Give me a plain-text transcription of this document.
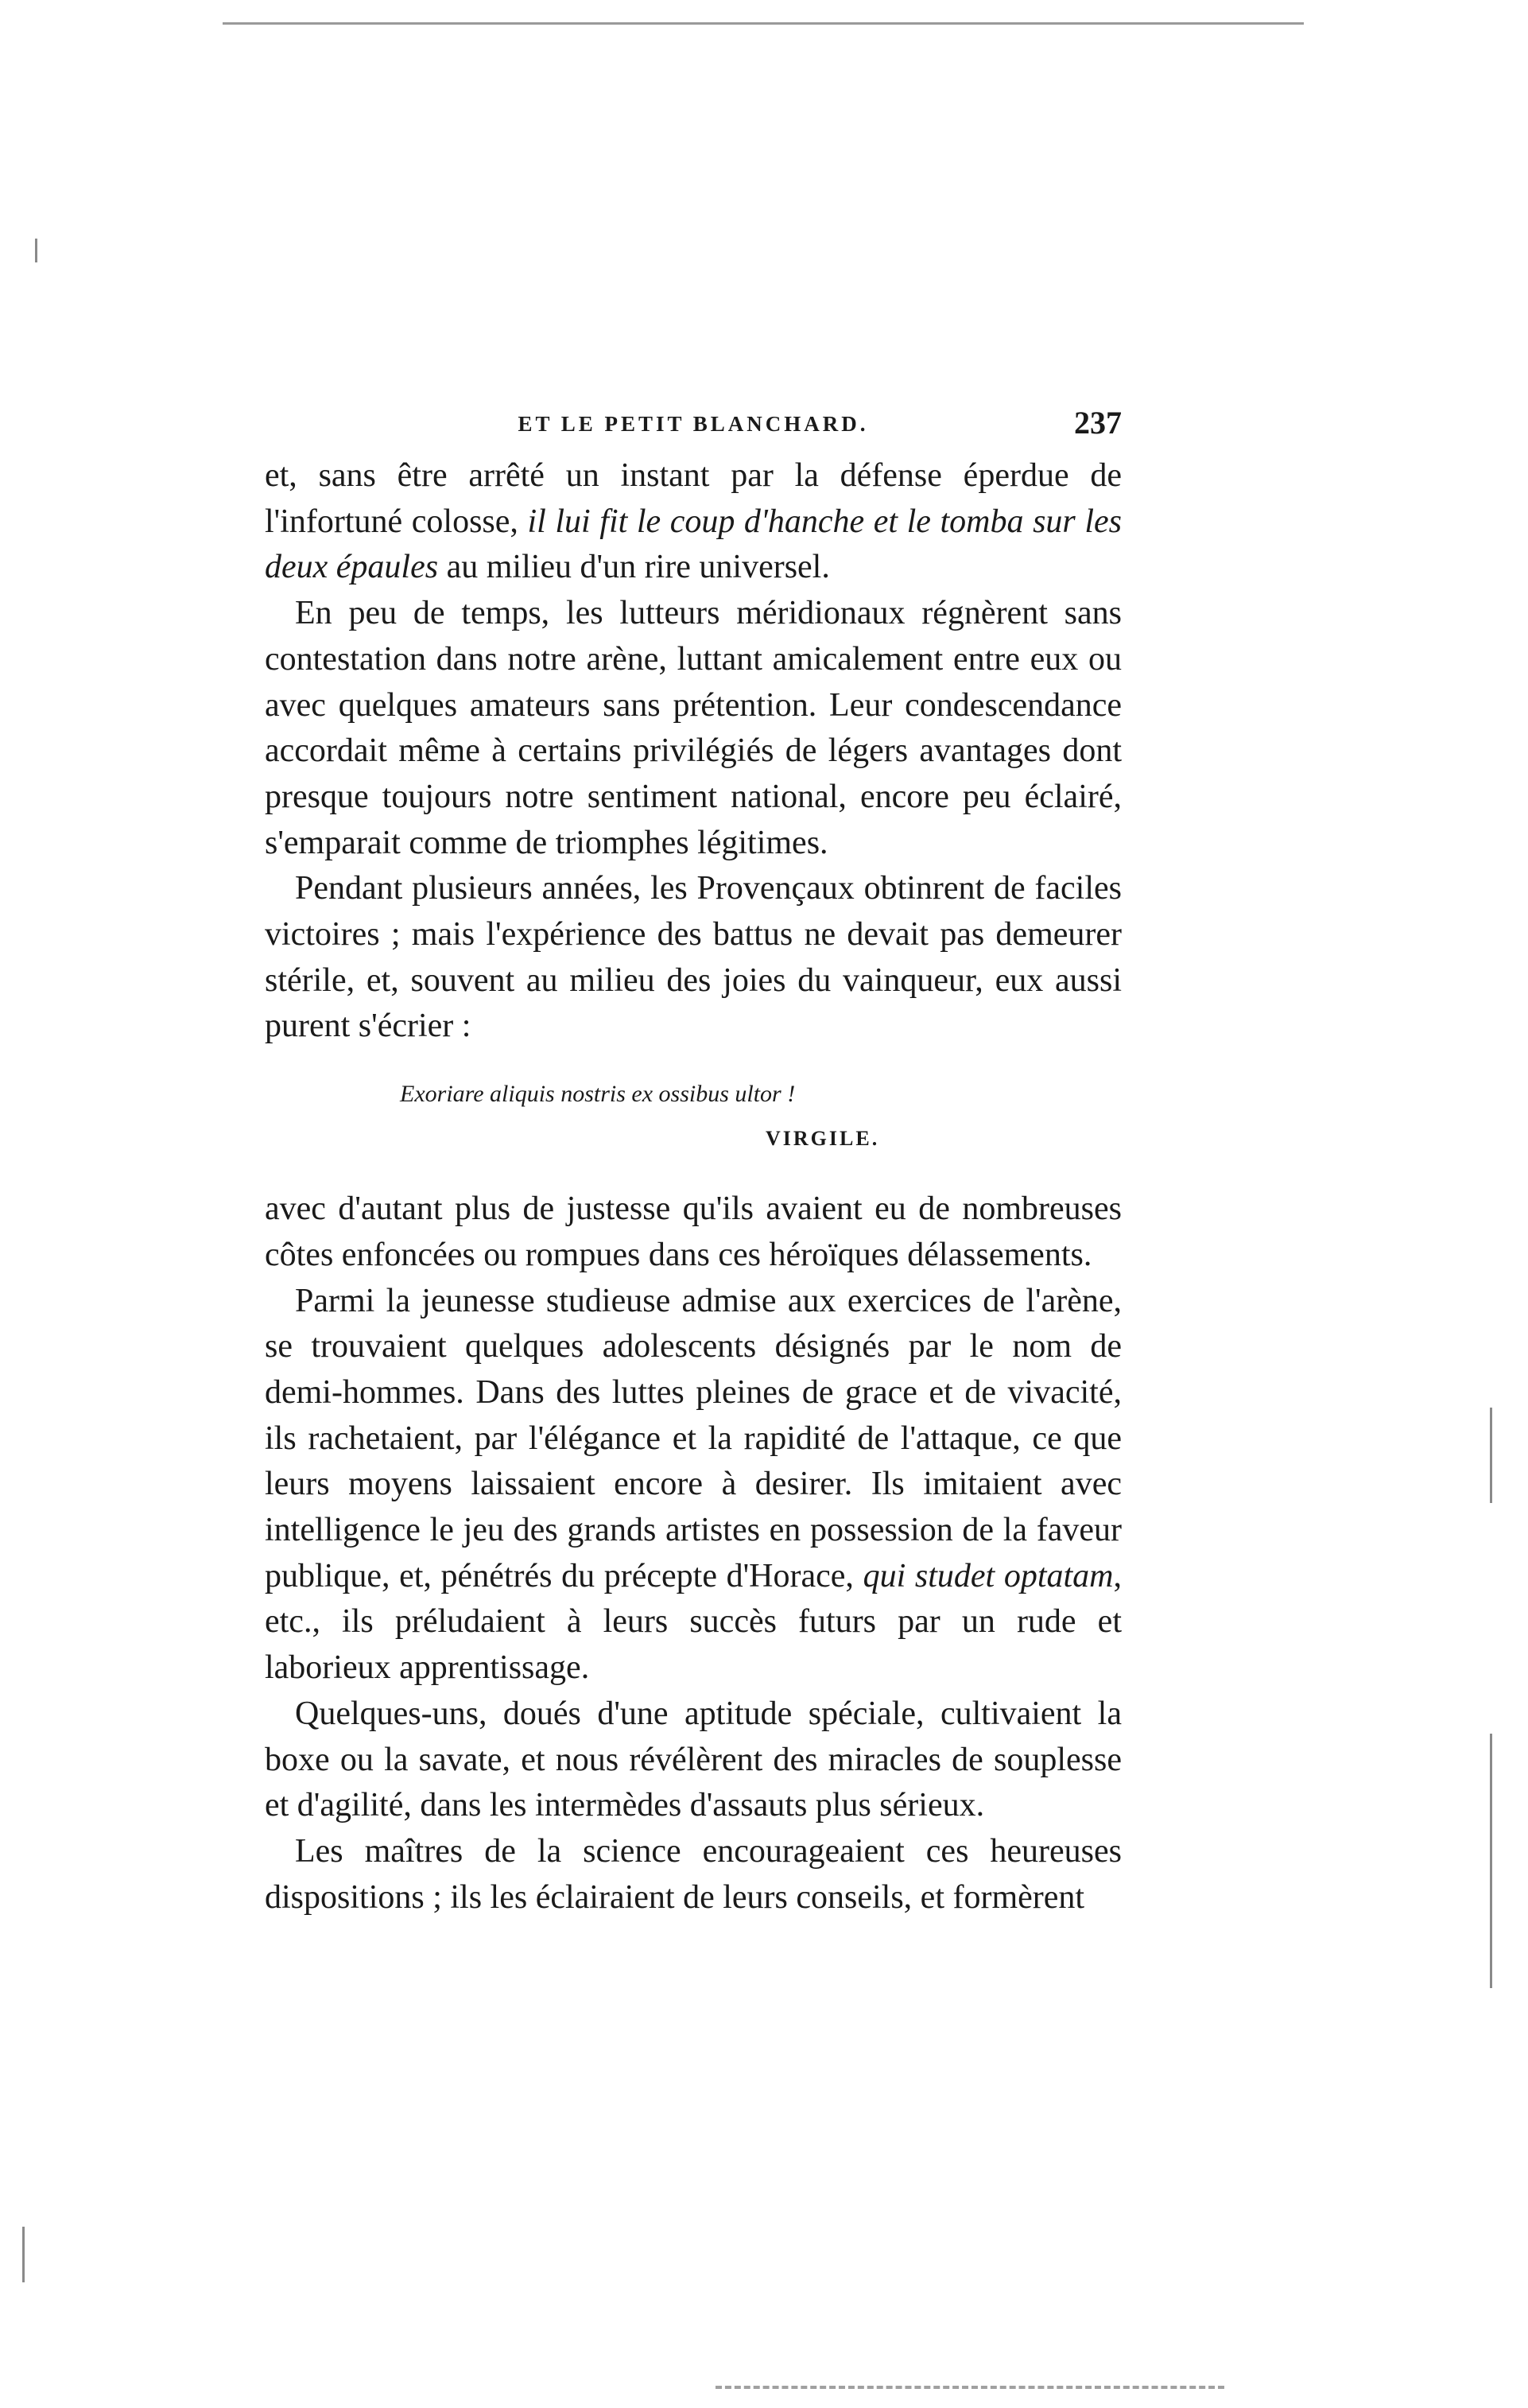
ET LE PETIT BLANCHARD.	237

et, sans être arrêté un instant par la défense éperdue de l'infortuné colosse, il lui fit le coup d'hanche et le tomba sur les deux épaules au milieu d'un rire universel.

En peu de temps, les lutteurs méridionaux régnèrent sans contestation dans notre arène, luttant amicalement entre eux ou avec quelques amateurs sans prétention. Leur condescendance accordait même à certains privilégiés de légers avantages dont presque toujours notre sentiment national, encore peu éclairé, s'emparait comme de triomphes légitimes.

Pendant plusieurs années, les Provençaux obtinrent de faciles victoires ; mais l'expérience des battus ne devait pas demeurer stérile, et, souvent au milieu des joies du vainqueur, eux aussi purent s'écrier :

Exoriare aliquis nostris ex ossibus ultor !

VIRGILE.

avec d'autant plus de justesse qu'ils avaient eu de nombreuses côtes enfoncées ou rompues dans ces héroïques délassements.

Parmi la jeunesse studieuse admise aux exercices de l'arène, se trouvaient quelques adolescents désignés par le nom de demi-hommes. Dans des luttes pleines de grace et de vivacité, ils rachetaient, par l'élégance et la rapidité de l'attaque, ce que leurs moyens laissaient encore à desirer. Ils imitaient avec intelligence le jeu des grands artistes en possession de la faveur publique, et, pénétrés du précepte d'Horace, qui studet optatam, etc., ils préludaient à leurs succès futurs par un rude et laborieux apprentissage.

Quelques-uns, doués d'une aptitude spéciale, cultivaient la boxe ou la savate, et nous révélèrent des miracles de souplesse et d'agilité, dans les intermèdes d'assauts plus sérieux.

Les maîtres de la science encourageaient ces heureuses dispositions ; ils les éclairaient de leurs conseils, et formèrent
